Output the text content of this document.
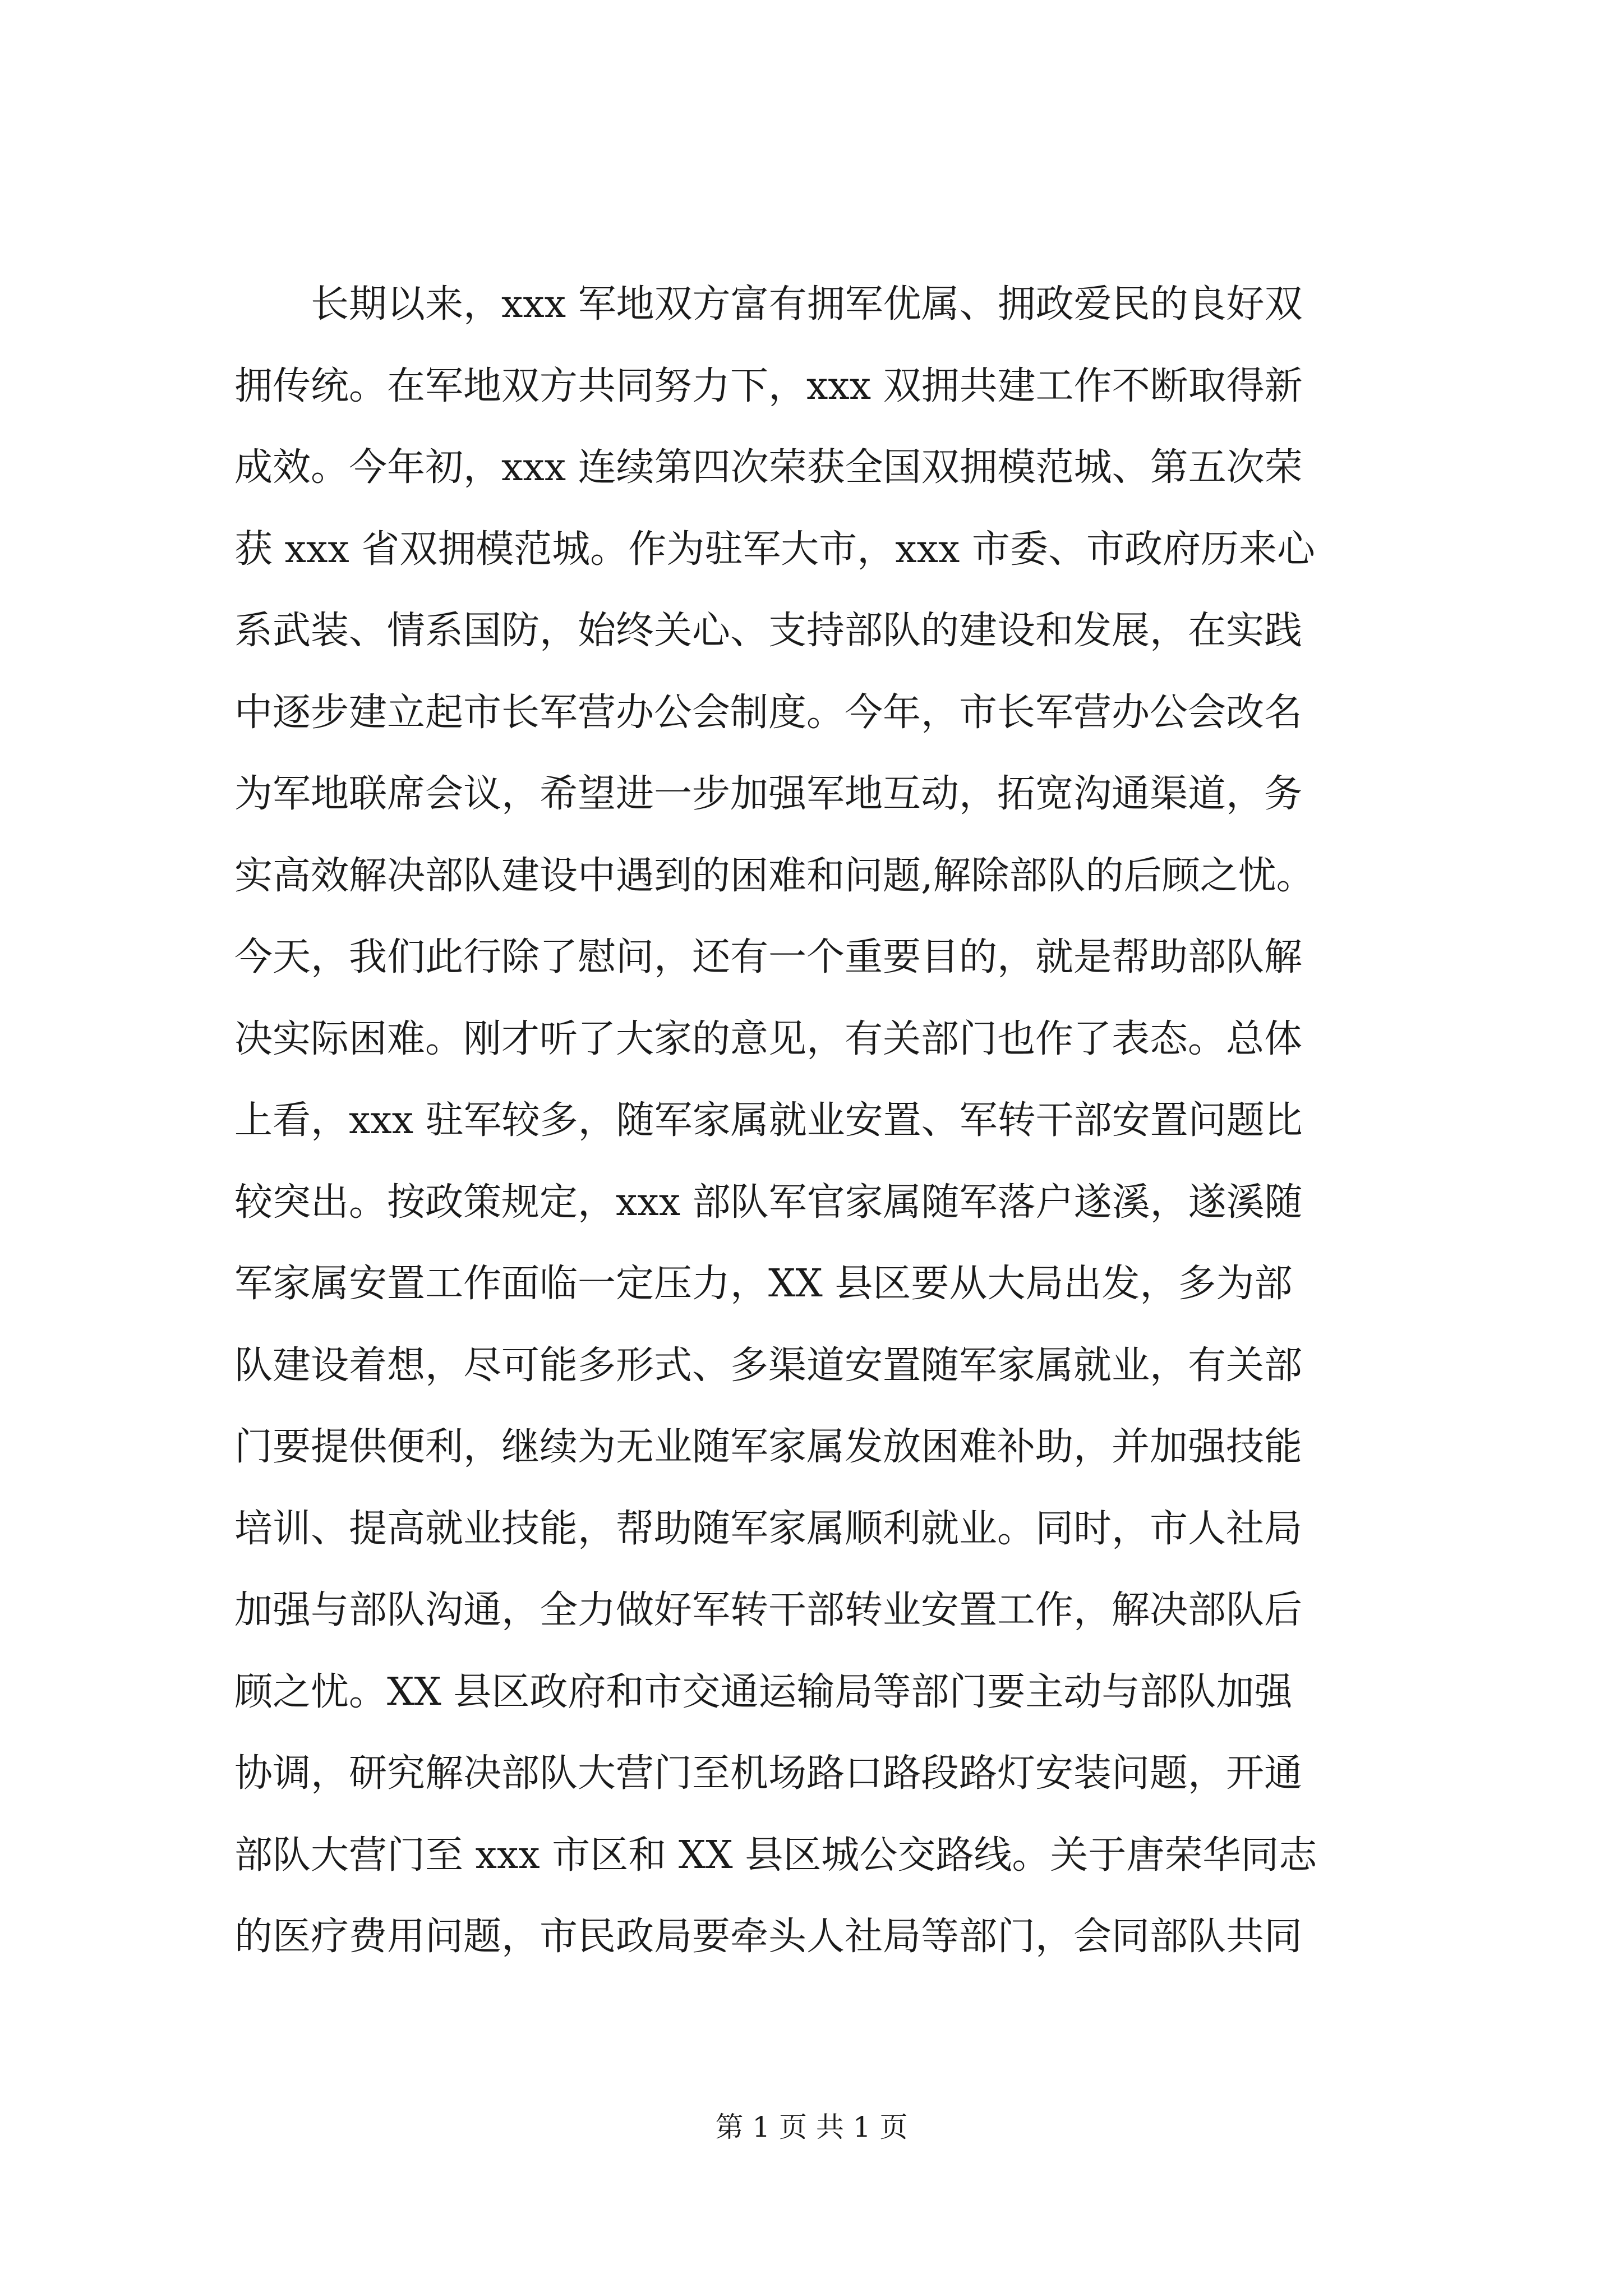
　　长期以来，xxx 军地双方富有拥军优属、拥政爱民的良好双
拥传统。在军地双方共同努力下，xxx 双拥共建工作不断取得新
成效。今年初，xxx 连续第四次荣获全国双拥模范城、第五次荣
获 xxx 省双拥模范城。作为驻军大市，xxx 市委、市政府历来心
系武装、情系国防，始终关心、支持部队的建设和发展，在实践
中逐步建立起市长军营办公会制度。今年，市长军营办公会改名
为军地联席会议，希望进一步加强军地互动，拓宽沟通渠道，务
实高效解决部队建设中遇到的困难和问题,解除部队的后顾之忧。
今天，我们此行除了慰问，还有一个重要目的，就是帮助部队解
决实际困难。刚才听了大家的意见，有关部门也作了表态。总体
上看，xxx 驻军较多，随军家属就业安置、军转干部安置问题比
较突出。按政策规定，xxx 部队军官家属随军落户遂溪，遂溪随
军家属安置工作面临一定压力，XX 县区要从大局出发，多为部
队建设着想，尽可能多形式、多渠道安置随军家属就业，有关部
门要提供便利，继续为无业随军家属发放困难补助，并加强技能
培训、提高就业技能，帮助随军家属顺利就业。同时，市人社局
加强与部队沟通，全力做好军转干部转业安置工作，解决部队后
顾之忧。XX 县区政府和市交通运输局等部门要主动与部队加强
协调，研究解决部队大营门至机场路口路段路灯安装问题，开通
部队大营门至 xxx 市区和 XX 县区城公交路线。关于唐荣华同志
的医疗费用问题，市民政局要牵头人社局等部门，会同部队共同
第 1 页 共 1 页
